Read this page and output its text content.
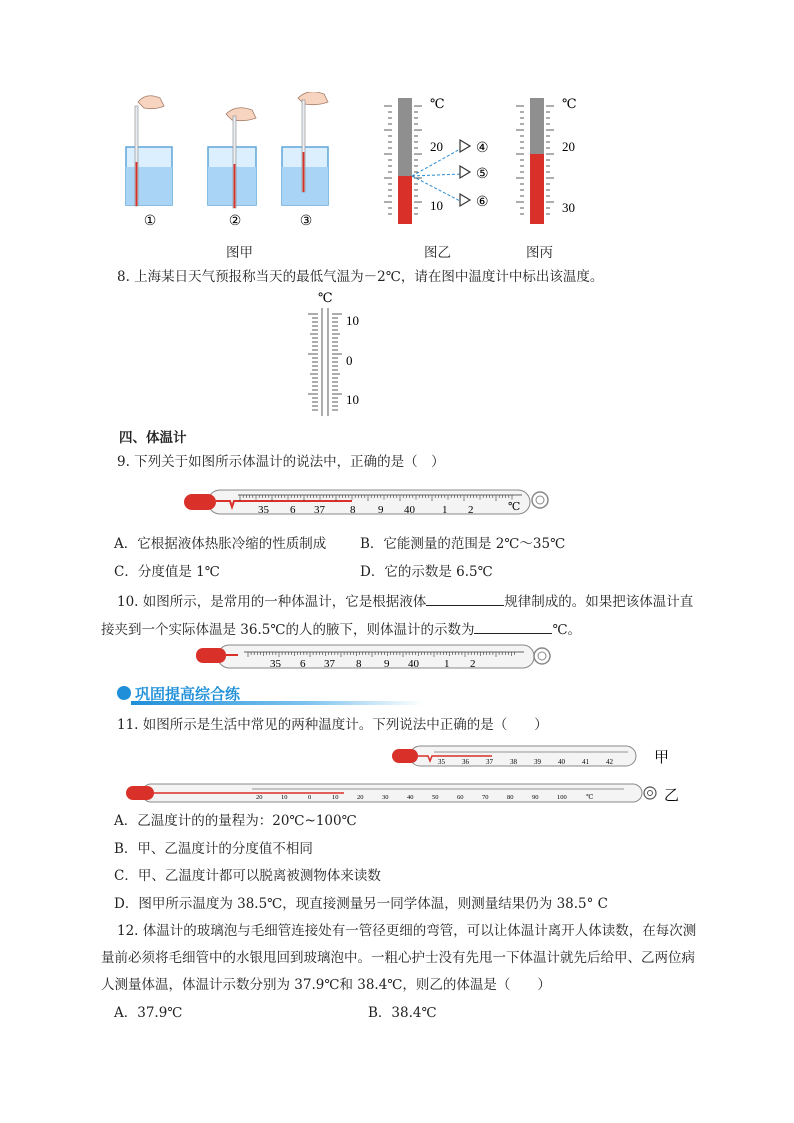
①	②	③
图甲
℃
20
10
④
⑤
⑥
图乙
℃
20
30
图丙
8. 上海某日天气预报称当天的最低气温为－2℃，请在图中温度计中标出该温度。
℃
10
0
10
四、体温计
9. 下列关于如图所示体温计的说法中，正确的是（　）
35 6 37 8 9 40 1 2	℃
A．它根据液体热胀冷缩的性质制成	B．它能测量的范围是 2℃～35℃
C．分度值是 1℃	D．它的示数是 6.5℃
10. 如图所示，是常用的一种体温计，它是根据液体	规律制成的。如果把该体温计直
接夹到一个实际体温是 36.5℃的人的腋下，则体温计的示数为	℃。
35 6 37 8 9 40 1 2
巩固提高综合练
11. 如图所示是生活中常见的两种温度计。下列说法中正确的是（　　）
35 36 37 38 39 40 41 42	甲
20	10	0	10	20	30	40	50	60	70	80	90	100	℃	乙
A．乙温度计的的量程为：20℃~100℃
B．甲、乙温度计的分度值不相同
C．甲、乙温度计都可以脱离被测物体来读数
D．图甲所示温度为 38.5℃，现直接测量另一同学体温，则测量结果仍为 38.5° C
12. 体温计的玻璃泡与毛细管连接处有一管径更细的弯管，可以让体温计离开人体读数，在每次测
量前必须将毛细管中的水银甩回到玻璃泡中。一粗心护士没有先甩一下体温计就先后给甲、乙两位病
人测量体温，体温计示数分别为 37.9℃和 38.4℃，则乙的体温是（　　）
A．37.9℃	B．38.4℃
